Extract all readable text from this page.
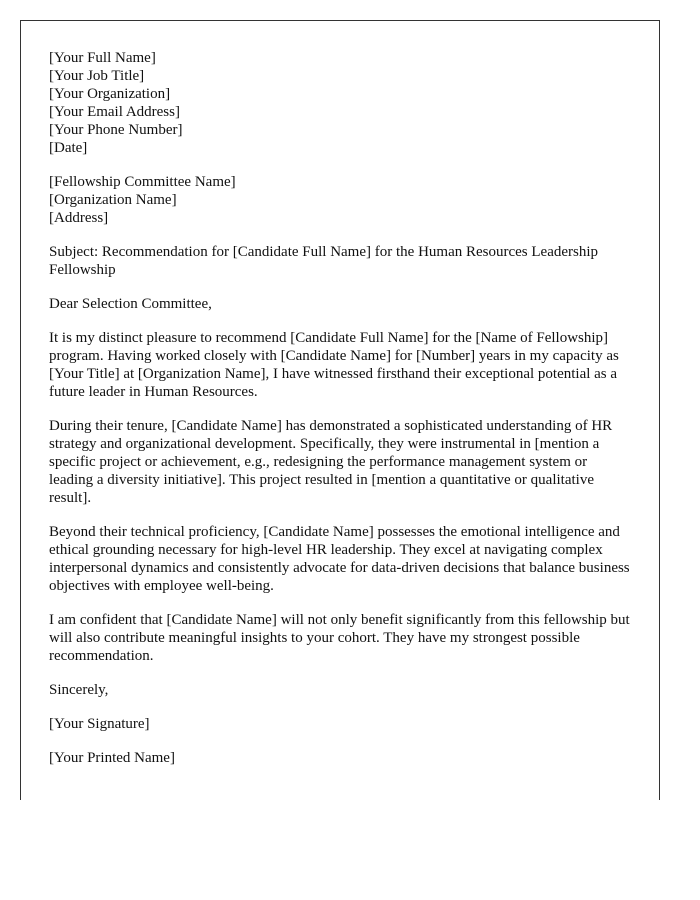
[Your Full Name]
[Your Job Title]
[Your Organization]
[Your Email Address]
[Your Phone Number]
[Date]
[Fellowship Committee Name]
[Organization Name]
[Address]

Subject: Recommendation for [Candidate Full Name] for the Human Resources Leadership Fellowship

Dear Selection Committee,

It is my distinct pleasure to recommend [Candidate Full Name] for the [Name of Fellowship] program. Having worked closely with [Candidate Name] for [Number] years in my capacity as [Your Title] at [Organization Name], I have witnessed firsthand their exceptional potential as a future leader in Human Resources.

During their tenure, [Candidate Name] has demonstrated a sophisticated understanding of HR strategy and organizational development. Specifically, they were instrumental in [mention a specific project or achievement, e.g., redesigning the performance management system or leading a diversity initiative]. This project resulted in [mention a quantitative or qualitative result].

Beyond their technical proficiency, [Candidate Name] possesses the emotional intelligence and ethical grounding necessary for high-level HR leadership. They excel at navigating complex interpersonal dynamics and consistently advocate for data-driven decisions that balance business objectives with employee well-being.

I am confident that [Candidate Name] will not only benefit significantly from this fellowship but will also contribute meaningful insights to your cohort. They have my strongest possible recommendation.

Sincerely,

[Your Signature]

[Your Printed Name]
